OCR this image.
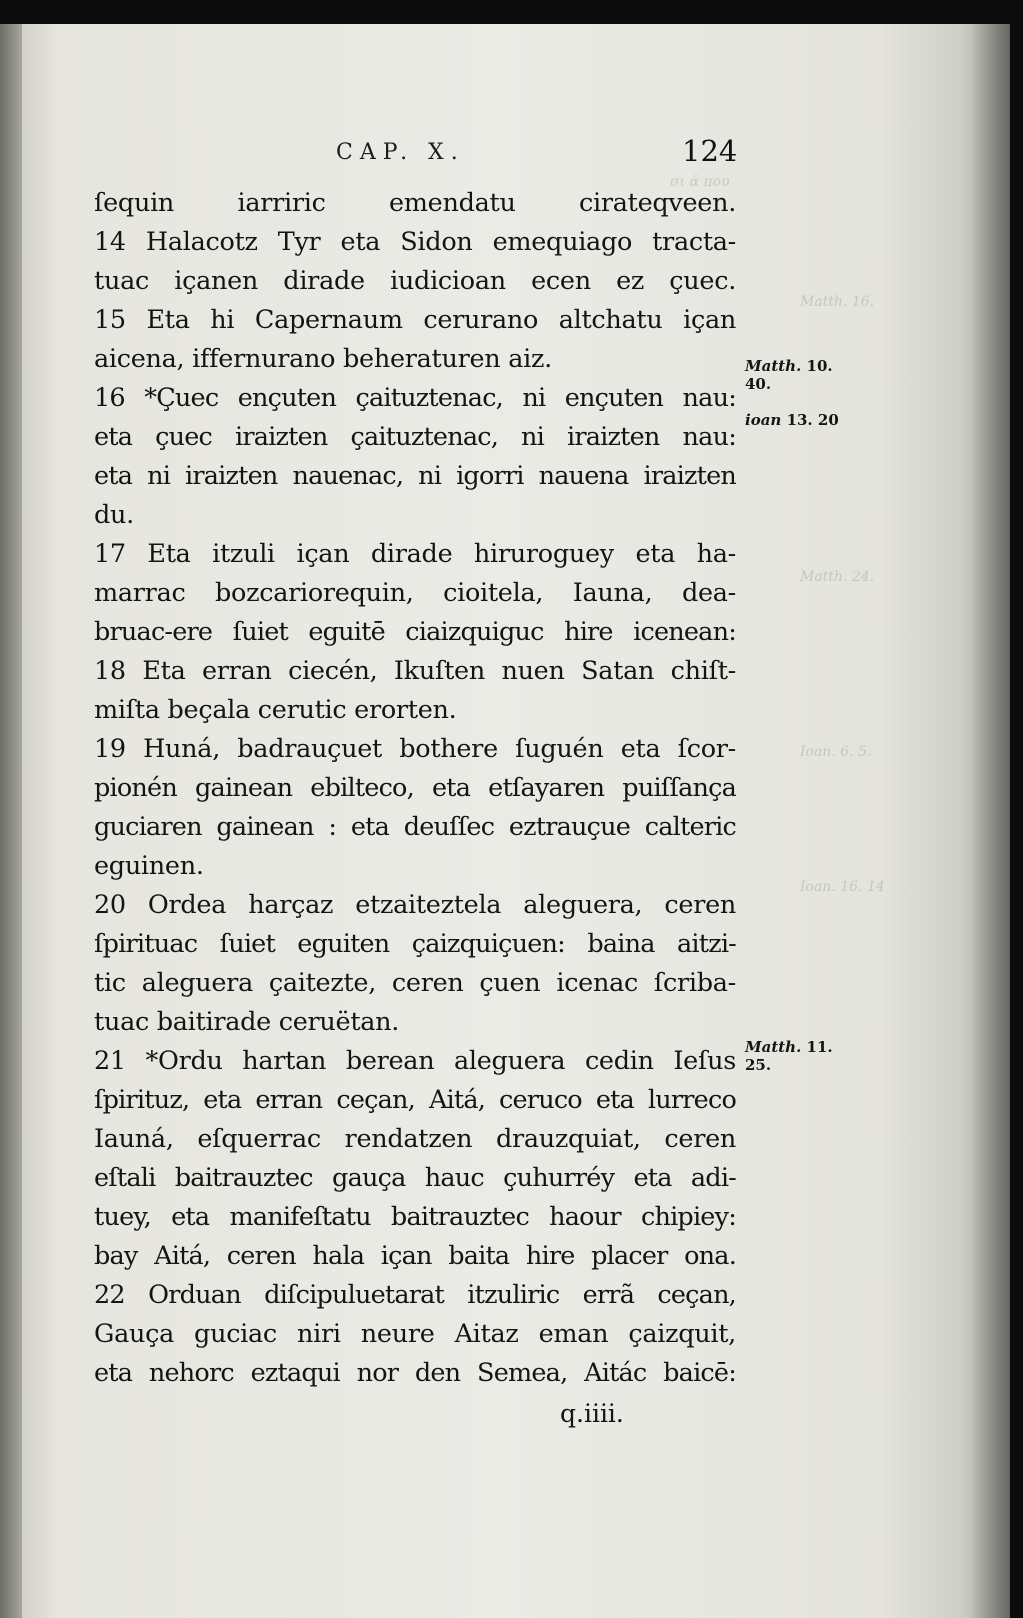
σι ά που
Matth. 16.
Matth. 24.
Ioan. 6. 5.
Ioan. 16. 14
CAP. X.	124
ſequin iarriric emendatu cirateqveen.
14 Halacotz Tyr eta Sidon emequiago tracta-
tuac içanen dirade iudicioan ecen ez çuec.
15 Eta hi Capernaum cerurano altchatu içan
aicena, iffernurano beheraturen aiz.
16 *Çuec ençuten çaituztenac, ni ençuten nau:
eta çuec iraizten çaituztenac, ni iraizten nau:
eta ni iraizten nauenac, ni igorri nauena iraizten
du.
17 Eta itzuli içan dirade hiruroguey eta ha-
marrac bozcariorequin, cioitela, Iauna, dea-
bruac-ere ſuiet eguitē ciaizquiguc hire icenean:
18 Eta erran ciecén, Ikuſten nuen Satan chiſt-
miſta beçala cerutic erorten.
19 Huná, badrauçuet bothere ſuguén eta ſcor-
pionén gainean ebilteco, eta etſayaren puiſſança
guciaren gainean : eta deuſſec eztrauçue calteric
eguinen.
20 Ordea harçaz etzaiteztela aleguera, ceren
ſpirituac ſuiet eguiten çaizquiçuen: baina aitzi-
tic aleguera çaitezte, ceren çuen icenac ſcriba-
tuac baitirade ceruëtan.
21 *Ordu hartan berean aleguera cedin Ieſus
ſpirituz, eta erran ceçan, Aitá, ceruco eta lurreco
Iauná, eſquerrac rendatzen drauzquiat, ceren
eſtali baitrauztec gauça hauc çuhurréy eta adi-
tuey, eta manifeſtatu baitrauztec haour chipiey:
bay Aitá, ceren hala içan baita hire placer ona.
22 Orduan diſcipuluetarat itzuliric errã ceçan,
Gauça guciac niri neure Aitaz eman çaizquit,
eta nehorc eztaqui nor den Semea, Aitác baicē:
Matth. 10.
40.
ioan 13. 20
Matth. 11.
25.
q.iiii.
